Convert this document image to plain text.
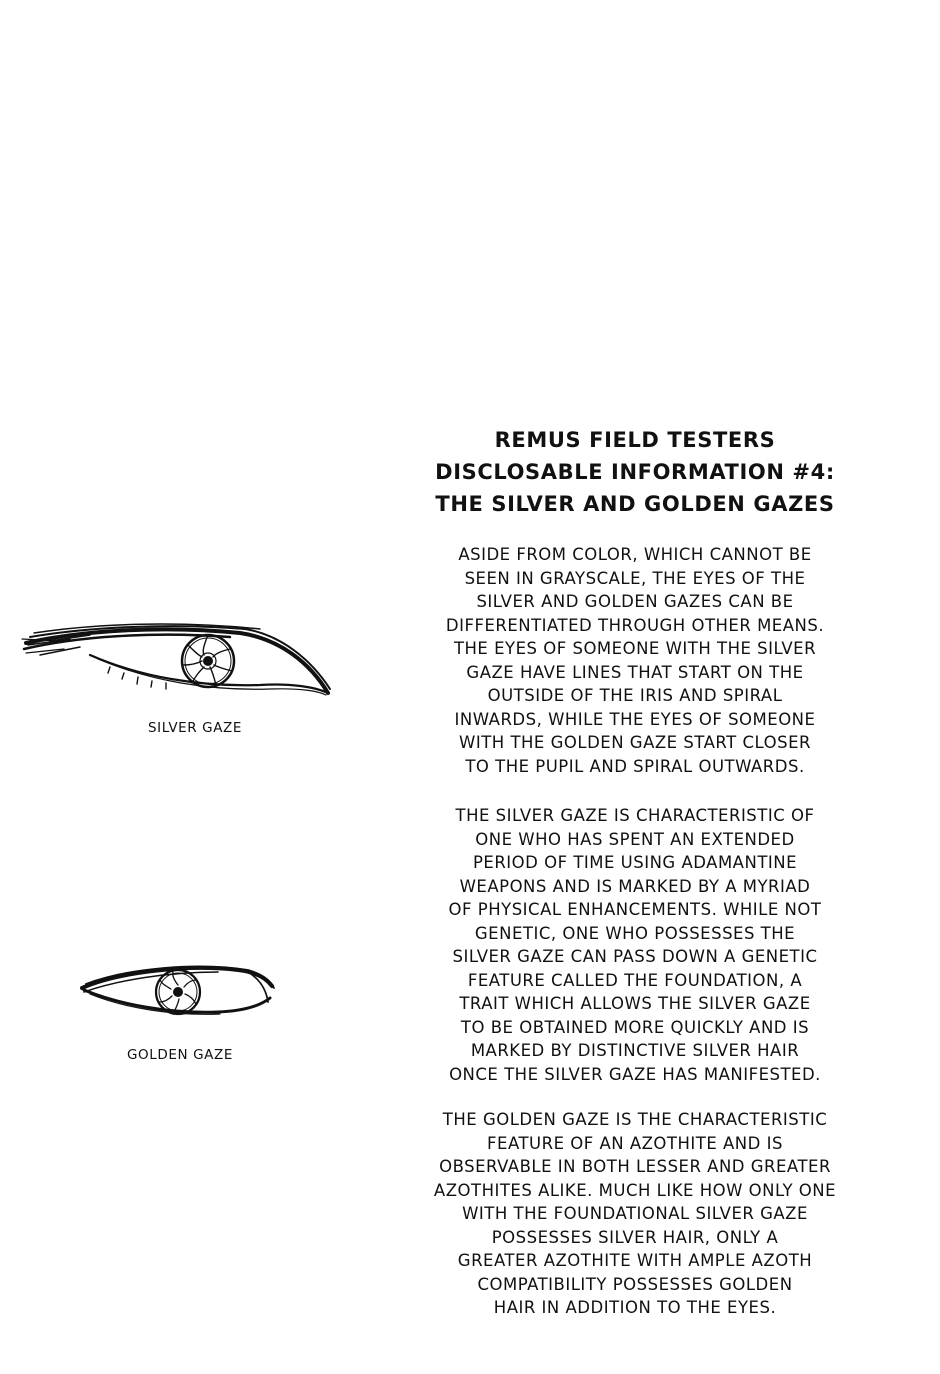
REMUS FIELD TESTERS
DISCLOSABLE INFORMATION #4:
THE SILVER AND GOLDEN GAZES
SILVER GAZE
GOLDEN GAZE
ASIDE FROM COLOR, WHICH CANNOT BE
SEEN IN GRAYSCALE, THE EYES OF THE
SILVER AND GOLDEN GAZES CAN BE
DIFFERENTIATED THROUGH OTHER MEANS.
THE EYES OF SOMEONE WITH THE SILVER
GAZE HAVE LINES THAT START ON THE
OUTSIDE OF THE IRIS AND SPIRAL
INWARDS, WHILE THE EYES OF SOMEONE
WITH THE GOLDEN GAZE START CLOSER
TO THE PUPIL AND SPIRAL OUTWARDS.
THE SILVER GAZE IS CHARACTERISTIC OF
ONE WHO HAS SPENT AN EXTENDED
PERIOD OF TIME USING ADAMANTINE
WEAPONS AND IS MARKED BY A MYRIAD
OF PHYSICAL ENHANCEMENTS. WHILE NOT
GENETIC, ONE WHO POSSESSES THE
SILVER GAZE CAN PASS DOWN A GENETIC
FEATURE CALLED THE FOUNDATION, A
TRAIT WHICH ALLOWS THE SILVER GAZE
TO BE OBTAINED MORE QUICKLY AND IS
MARKED BY DISTINCTIVE SILVER HAIR
ONCE THE SILVER GAZE HAS MANIFESTED.
THE GOLDEN GAZE IS THE CHARACTERISTIC
FEATURE OF AN AZOTHITE AND IS
OBSERVABLE IN BOTH LESSER AND GREATER
AZOTHITES ALIKE. MUCH LIKE HOW ONLY ONE
WITH THE FOUNDATIONAL SILVER GAZE
POSSESSES SILVER HAIR, ONLY A
GREATER AZOTHITE WITH AMPLE AZOTH
COMPATIBILITY POSSESSES GOLDEN
HAIR IN ADDITION TO THE EYES.
